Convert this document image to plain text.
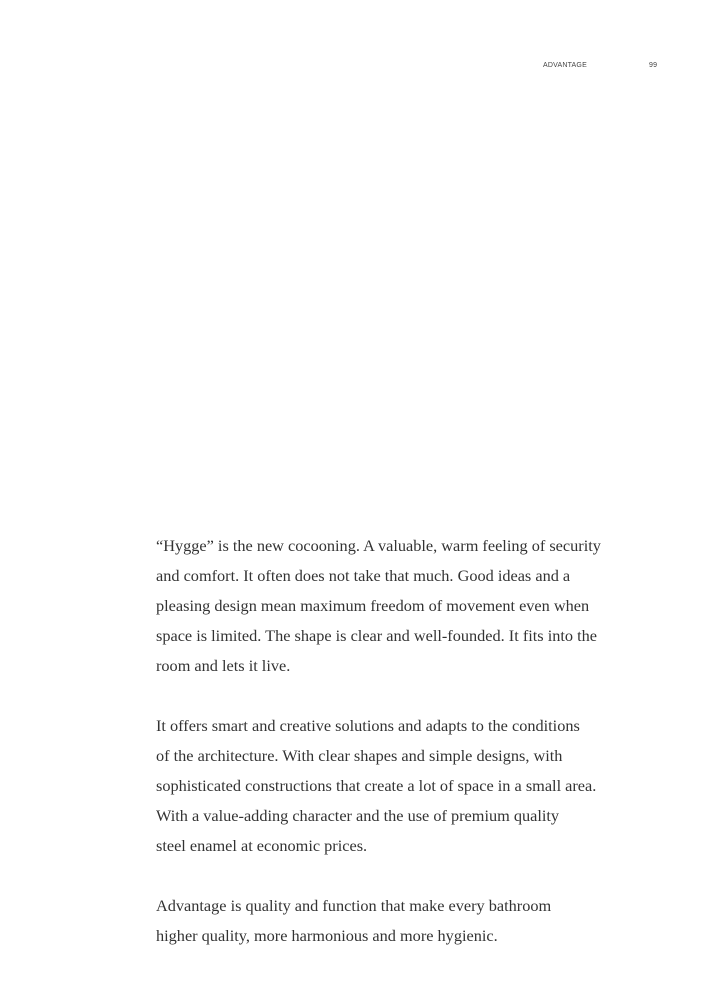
ADVANTAGE	99

“Hygge” is the new cocooning. A valuable, warm feeling of security
and comfort. It often does not take that much. Good ideas and a
pleasing design mean maximum freedom of movement even when
space is limited. The shape is clear and well-founded. It fits into the
room and lets it live.

It offers smart and creative solutions and adapts to the conditions
of the architecture. With clear shapes and simple designs, with
sophisticated constructions that create a lot of space in a small area.
With a value-adding character and the use of premium quality
steel enamel at economic prices.

Advantage is quality and function that make every bathroom
higher quality, more harmonious and more hygienic.
